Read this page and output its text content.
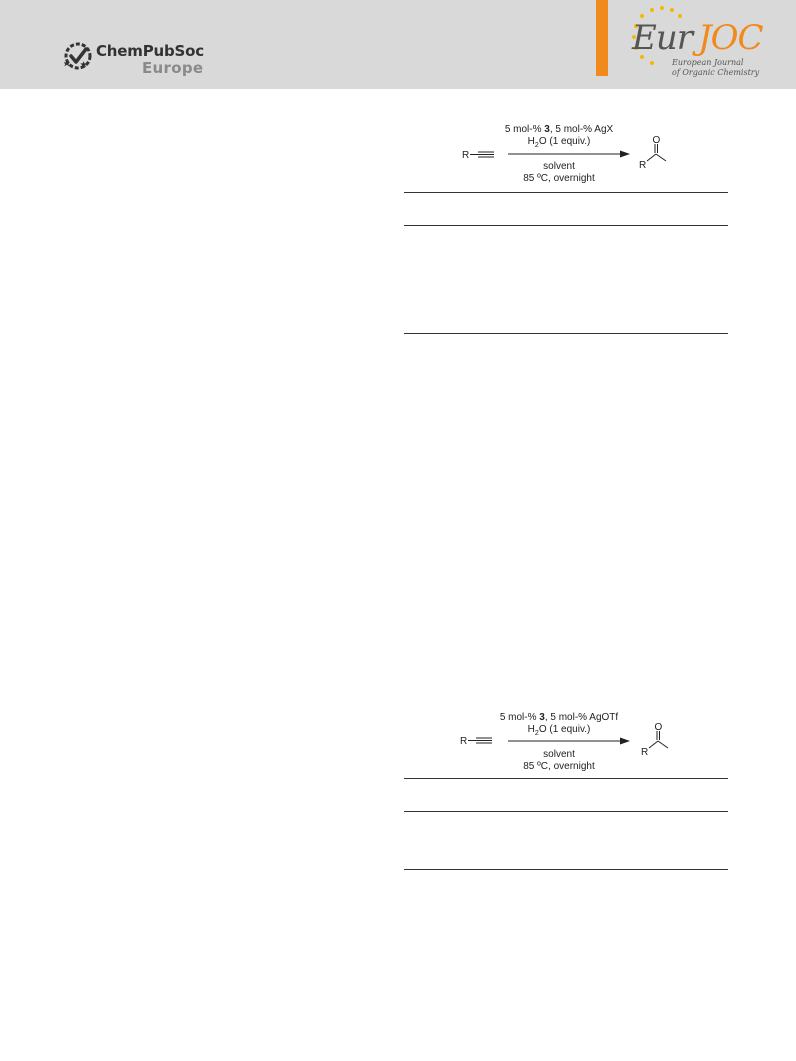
ChemPubSoc
Europe
Eur JOC
European Journal
of Organic Chemistry
R
R
O
5 mol-% 3, 5 mol-% AgX
$H_2O$ (1 equiv.)
solvent
85 ºC, overnight
R
R
O
5 mol-% 3, 5 mol-% AgOTf
$H_2O$ (1 equiv.)
solvent
85 ºC, overnight
